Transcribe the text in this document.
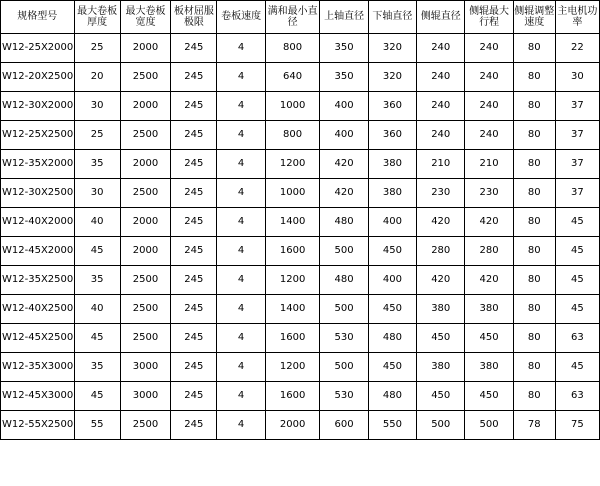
规格型号	最大卷板厚度	最大卷板宽度	板材屈服极限	卷板速度	满和最小直径	上轴直径	下轴直径	侧辊直径	侧辊最大行程	侧辊调整速度	主电机功率
W12-25X2000	25	2000	245	4	800	350	320	240	240	80	22
W12-20X2500	20	2500	245	4	640	350	320	240	240	80	30
W12-30X2000	30	2000	245	4	1000	400	360	240	240	80	37
W12-25X2500	25	2500	245	4	800	400	360	240	240	80	37
W12-35X2000	35	2000	245	4	1200	420	380	210	210	80	37
W12-30X2500	30	2500	245	4	1000	420	380	230	230	80	37
W12-40X2000	40	2000	245	4	1400	480	400	420	420	80	45
W12-45X2000	45	2000	245	4	1600	500	450	280	280	80	45
W12-35X2500	35	2500	245	4	1200	480	400	420	420	80	45
W12-40X2500	40	2500	245	4	1400	500	450	380	380	80	45
W12-45X2500	45	2500	245	4	1600	530	480	450	450	80	63
W12-35X3000	35	3000	245	4	1200	500	450	380	380	80	45
W12-45X3000	45	3000	245	4	1600	530	480	450	450	80	63
W12-55X2500	55	2500	245	4	2000	600	550	500	500	78	75
